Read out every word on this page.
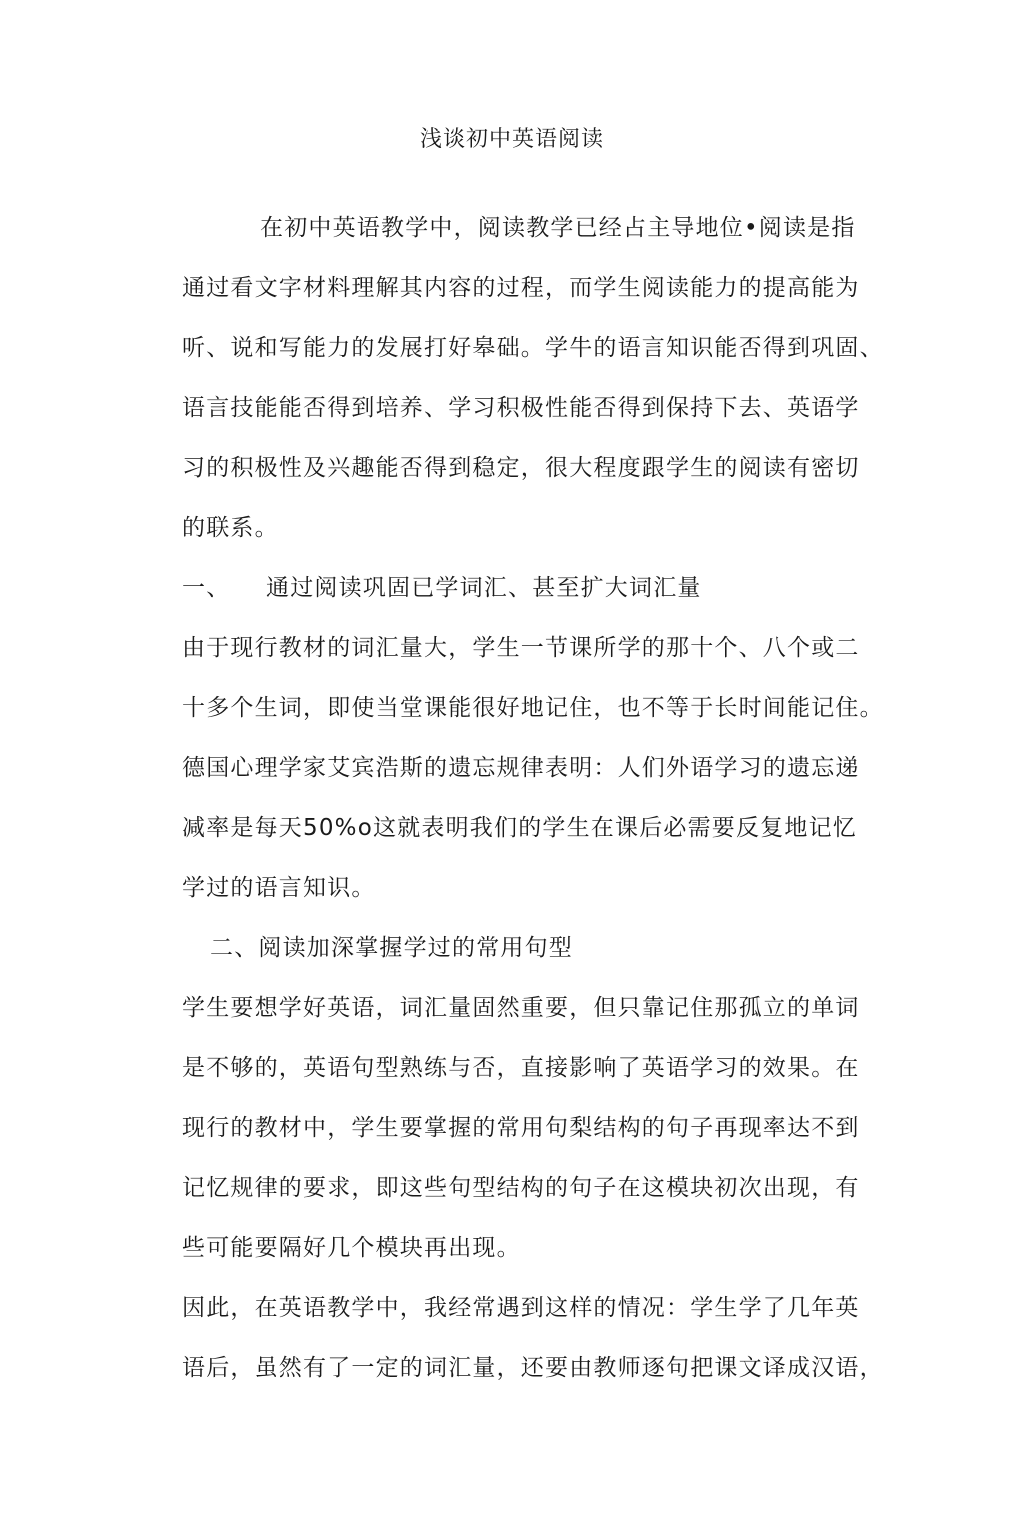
浅谈初中英语阅读
在初中英语教学中，阅读教学已经占主导地位•阅读是指
通过看文字材料理解其内容的过程，而学生阅读能力的提高能为
听、说和写能力的发展打好皋础。学牛的语言知识能否得到巩固、
语言技能能否得到培养、学习积极性能否得到保持下去、英语学
习的积极性及兴趣能否得到稳定，很大程度跟学生的阅读有密切
的联系。
一、 通过阅读巩固已学词汇、甚至扩大词汇量
由于现行教材的词汇量大，学生一节课所学的那十个、八个或二
十多个生词，即使当堂课能很好地记住，也不等于长时间能记住。
德国心理学家艾宾浩斯的遗忘规律表明：人们外语学习的遗忘递
减率是每天50%o这就表明我们的学生在课后必需要反复地记忆
学过的语言知识。
二、阅读加深掌握学过的常用句型
学生要想学好英语，词汇量固然重要，但只靠记住那孤立的单词
是不够的，英语句型熟练与否，直接影响了英语学习的效果。在
现行的教材中，学生要掌握的常用句梨结构的句子再现率达不到
记忆规律的要求，即这些句型结构的句子在这模块初次出现，有
些可能要隔好几个模块再出现。
因此，在英语教学中，我经常遇到这样的情况：学生学了几年英
语后，虽然有了一定的词汇量，还要由教师逐句把课文译成汉语，
